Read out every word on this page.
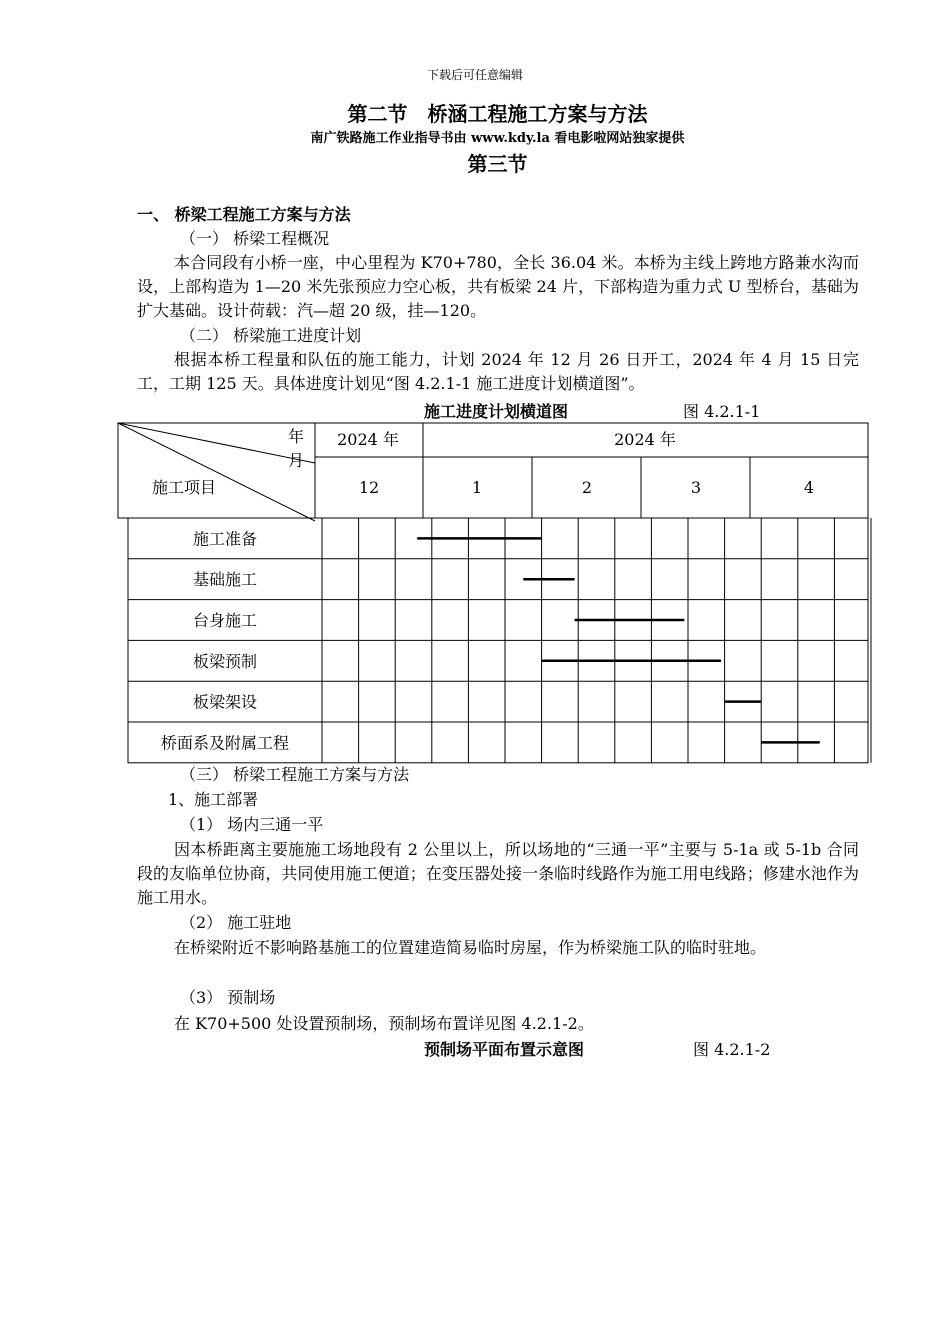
下载后可任意编辑
第二节　桥涵工程施工方案与方法
南广铁路施工作业指导书由 www.kdy.la 看电影啦网站独家提供
第三节
一、 桥梁工程施工方案与方法
（一） 桥梁工程概况
本合同段有小桥一座，中心里程为 K70+780，全长 36.04 米。本桥为主线上跨地方路兼水沟而设，上部构造为 1—20 米先张预应力空心板，共有板梁 24 片，下部构造为重力式 U 型桥台，基础为扩大基础。设计荷载：汽—超 20 级，挂—120。
（二） 桥梁施工进度计划
根据本桥工程量和队伍的施工能力，计划 2024 年 12 月 26 日开工，2024 年 4 月 15 日完工，工期 125 天。具体进度计划见“图 4.2.1-1 施工进度计划横道图”。
施工进度计划横道图	图 4.2.1-1
年
月
施工项目
2024 年	2024 年
12	1	2	3	4
施工准备
基础施工
台身施工
板梁预制
板梁架设
桥面系及附属工程
（三） 桥梁工程施工方案与方法
1、施工部署
（1） 场内三通一平
因本桥距离主要施施工场地段有 2 公里以上，所以场地的“三通一平”主要与 5-1a 或 5-1b 合同段的友临单位协商，共同使用施工便道；在变压器处接一条临时线路作为施工用电线路；修建水池作为施工用水。
（2） 施工驻地
在桥梁附近不影响路基施工的位置建造简易临时房屋，作为桥梁施工队的临时驻地。
（3） 预制场
在 K70+500 处设置预制场，预制场布置详见图 4.2.1-2。
预制场平面布置示意图	图 4.2.1-2
